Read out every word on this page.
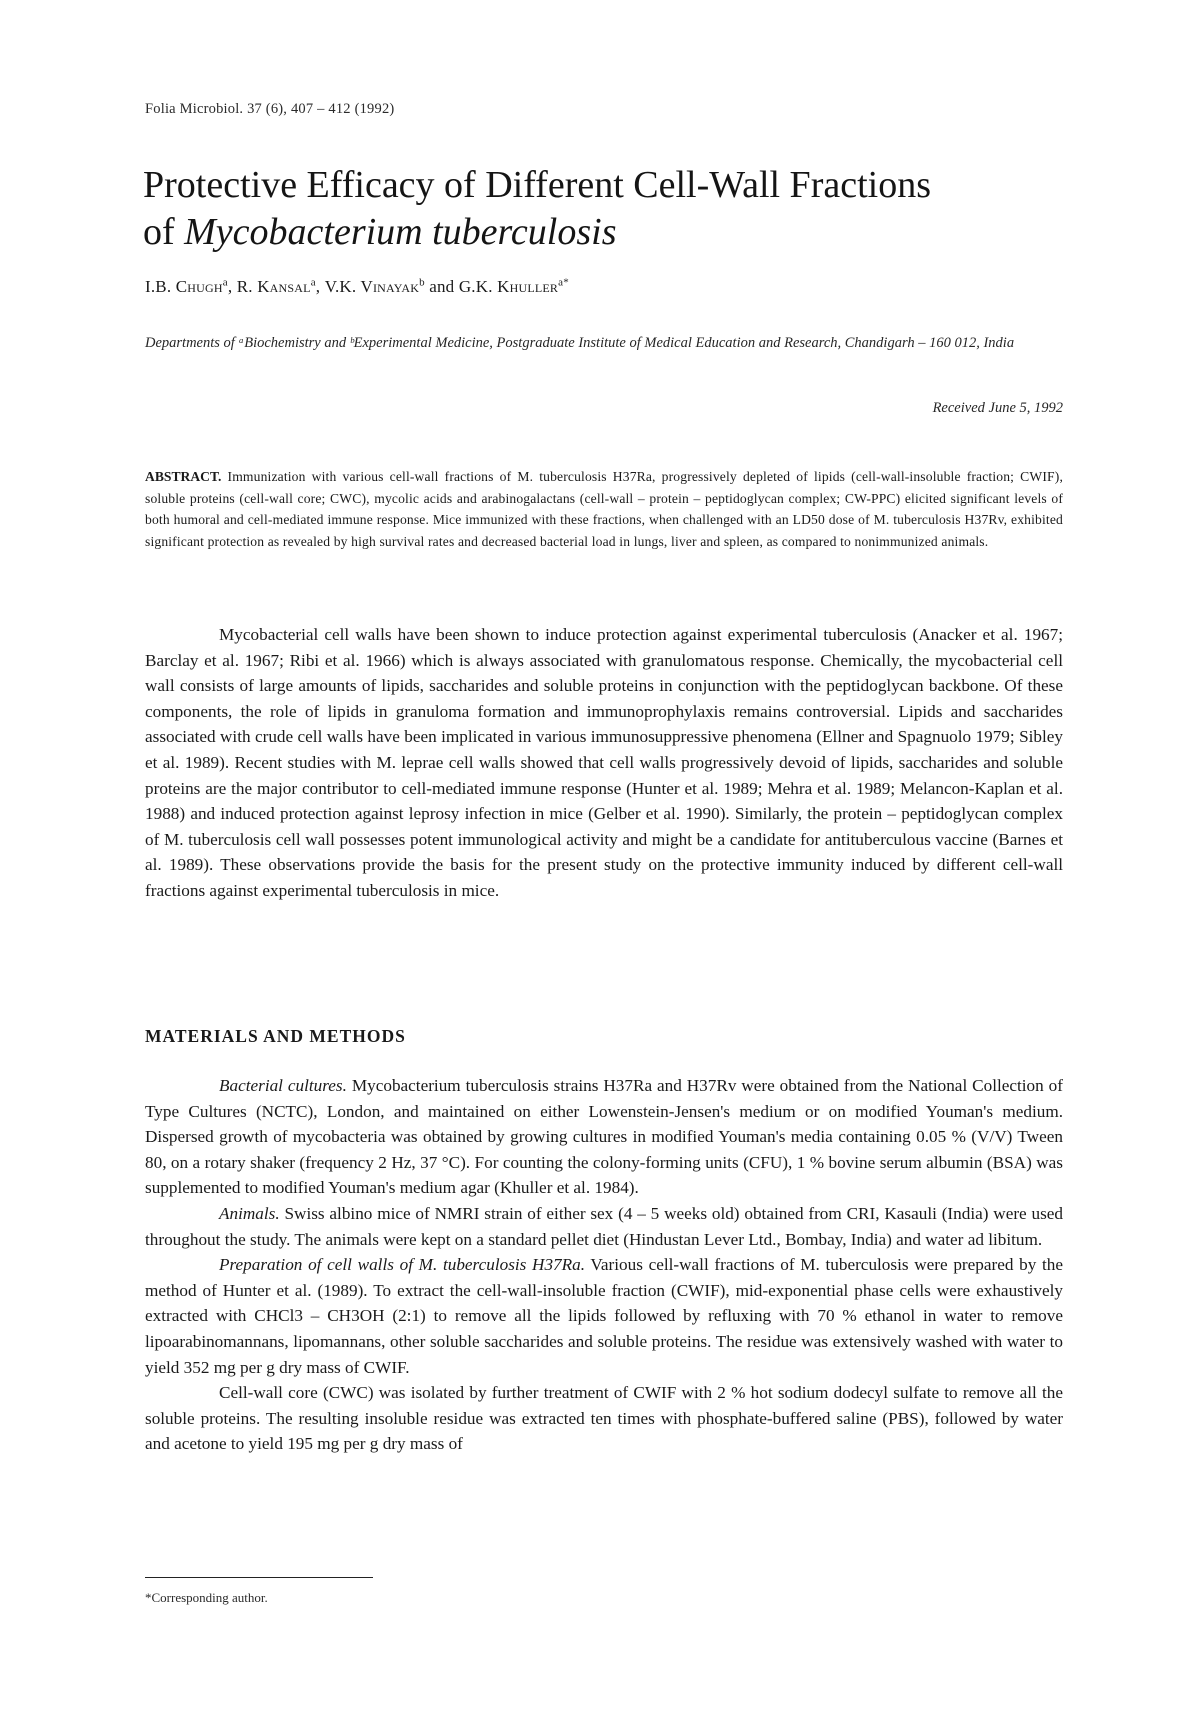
Folia Microbiol. 37 (6), 407 – 412 (1992)
Protective Efficacy of Different Cell-Wall Fractions
of Mycobacterium tuberculosis
I.B. Chugh$^a$, R. Kansal$^a$, V.K. Vinayak$^b$ and G.K. Khuller$^{a*}$
Departments of ᵃBiochemistry and ᵇExperimental Medicine, Postgraduate Institute of Medical Education and Research, Chandigarh – 160 012, India
Received June 5, 1992

ABSTRACT. Immunization with various cell-wall fractions of M. tuberculosis H37Ra, progressively depleted of lipids (cell-wall-insoluble fraction; CWIF), soluble proteins (cell-wall core; CWC), mycolic acids and arabinogalactans (cell-wall – protein – peptidoglycan complex; CW-PPC) elicited significant levels of both humoral and cell-mediated immune response. Mice immunized with these fractions, when challenged with an LD50 dose of M. tuberculosis H37Rv, exhibited significant protection as revealed by high survival rates and decreased bacterial load in lungs, liver and spleen, as compared to nonimmunized animals.

Mycobacterial cell walls have been shown to induce protection against experimental tuberculosis (Anacker et al. 1967; Barclay et al. 1967; Ribi et al. 1966) which is always associated with granulomatous response. Chemically, the mycobacterial cell wall consists of large amounts of lipids, saccharides and soluble proteins in conjunction with the peptidoglycan backbone. Of these components, the role of lipids in granuloma formation and immunoprophylaxis remains controversial. Lipids and saccharides associated with crude cell walls have been implicated in various immunosuppressive phenomena (Ellner and Spagnuolo 1979; Sibley et al. 1989). Recent studies with M. leprae cell walls showed that cell walls progressively devoid of lipids, saccharides and soluble proteins are the major contributor to cell-mediated immune response (Hunter et al. 1989; Mehra et al. 1989; Melancon-Kaplan et al. 1988) and induced protection against leprosy infection in mice (Gelber et al. 1990). Similarly, the protein – peptidoglycan complex of M. tuberculosis cell wall possesses potent immunological activity and might be a candidate for antituberculous vaccine (Barnes et al. 1989). These observations provide the basis for the present study on the protective immunity induced by different cell-wall fractions against experimental tuberculosis in mice.

MATERIALS AND METHODS
Bacterial cultures. Mycobacterium tuberculosis strains H37Ra and H37Rv were obtained from the National Collection of Type Cultures (NCTC), London, and maintained on either Lowenstein-Jensen's medium or on modified Youman's medium. Dispersed growth of mycobacteria was obtained by growing cultures in modified Youman's media containing 0.05 % (V/V) Tween 80, on a rotary shaker (frequency 2 Hz, 37 °C). For counting the colony-forming units (CFU), 1 % bovine serum albumin (BSA) was supplemented to modified Youman's medium agar (Khuller et al. 1984).
Animals. Swiss albino mice of NMRI strain of either sex (4 – 5 weeks old) obtained from CRI, Kasauli (India) were used throughout the study. The animals were kept on a standard pellet diet (Hindustan Lever Ltd., Bombay, India) and water ad libitum.
Preparation of cell walls of M. tuberculosis H37Ra. Various cell-wall fractions of M. tuberculosis were prepared by the method of Hunter et al. (1989). To extract the cell-wall-insoluble fraction (CWIF), mid-exponential phase cells were exhaustively extracted with CHCl3 – CH3OH (2:1) to remove all the lipids followed by refluxing with 70 % ethanol in water to remove lipoarabinomannans, lipomannans, other soluble saccharides and soluble proteins. The residue was extensively washed with water to yield 352 mg per g dry mass of CWIF.
Cell-wall core (CWC) was isolated by further treatment of CWIF with 2 % hot sodium dodecyl sulfate to remove all the soluble proteins. The resulting insoluble residue was extracted ten times with phosphate-buffered saline (PBS), followed by water and acetone to yield 195 mg per g dry mass of
*Corresponding author.
